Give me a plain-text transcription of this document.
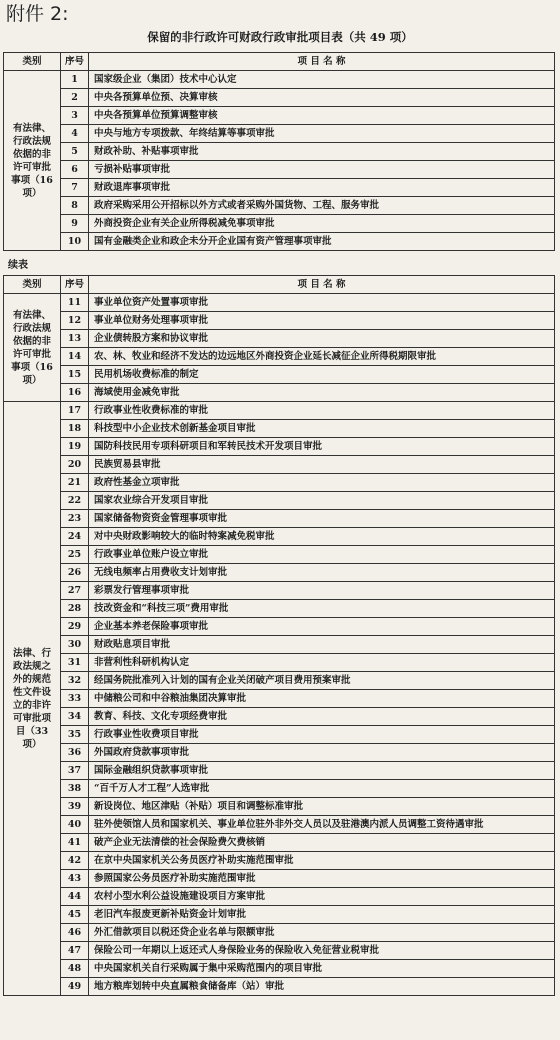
附件 2:
保留的非行政许可财政行政审批项目表（共 49 项）
类别	序号	项 目 名 称
有法律、行政法规依据的非许可审批事项（16项）	1	国家级企业（集团）技术中心认定
	2	中央各预算单位预、决算审核
	3	中央各预算单位预算调整审核
	4	中央与地方专项拨款、年终结算等事项审批
	5	财政补助、补贴事项审批
	6	亏损补贴事项审批
	7	财政退库事项审批
	8	政府采购采用公开招标以外方式或者采购外国货物、工程、服务审批
	9	外商投资企业有关企业所得税减免事项审批
	10	国有金融类企业和政企未分开企业国有资产管理事项审批
续表
类别	序号	项 目 名 称
有法律、行政法规依据的非许可审批事项（16项）	11	事业单位资产处置事项审批
	12	事业单位财务处理事项审批
	13	企业债转股方案和协议审批
	14	农、林、牧业和经济不发达的边远地区外商投资企业延长减征企业所得税期限审批
	15	民用机场收费标准的制定
	16	海域使用金减免审批
法律、行政法规之外的规范性文件设立的非许可审批项目（33项）	17	行政事业性收费标准的审批
	18	科技型中小企业技术创新基金项目审批
	19	国防科技民用专项科研项目和军转民技术开发项目审批
	20	民族贸易县审批
	21	政府性基金立项审批
	22	国家农业综合开发项目审批
	23	国家储备物资资金管理事项审批
	24	对中央财政影响较大的临时特案减免税审批
	25	行政事业单位账户设立审批
	26	无线电频率占用费收支计划审批
	27	彩票发行管理事项审批
	28	技改资金和“科技三项”费用审批
	29	企业基本养老保险事项审批
	30	财政贴息项目审批
	31	非营利性科研机构认定
	32	经国务院批准列入计划的国有企业关闭破产项目费用预案审批
	33	中储粮公司和中谷粮油集团决算审批
	34	教育、科技、文化专项经费审批
	35	行政事业性收费项目审批
	36	外国政府贷款事项审批
	37	国际金融组织贷款事项审批
	38	“百千万人才工程”人选审批
	39	新设岗位、地区津贴（补贴）项目和调整标准审批
	40	驻外使领馆人员和国家机关、事业单位驻外非外交人员以及驻港澳内派人员调整工资待遇审批
	41	破产企业无法清偿的社会保险费欠费核销
	42	在京中央国家机关公务员医疗补助实施范围审批
	43	参照国家公务员医疗补助实施范围审批
	44	农村小型水利公益设施建设项目方案审批
	45	老旧汽车报废更新补贴资金计划审批
	46	外汇借款项目以税还贷企业名单与限额审批
	47	保险公司一年期以上返还式人身保险业务的保险收入免征营业税审批
	48	中央国家机关自行采购属于集中采购范围内的项目审批
	49	地方粮库划转中央直属粮食储备库（站）审批
